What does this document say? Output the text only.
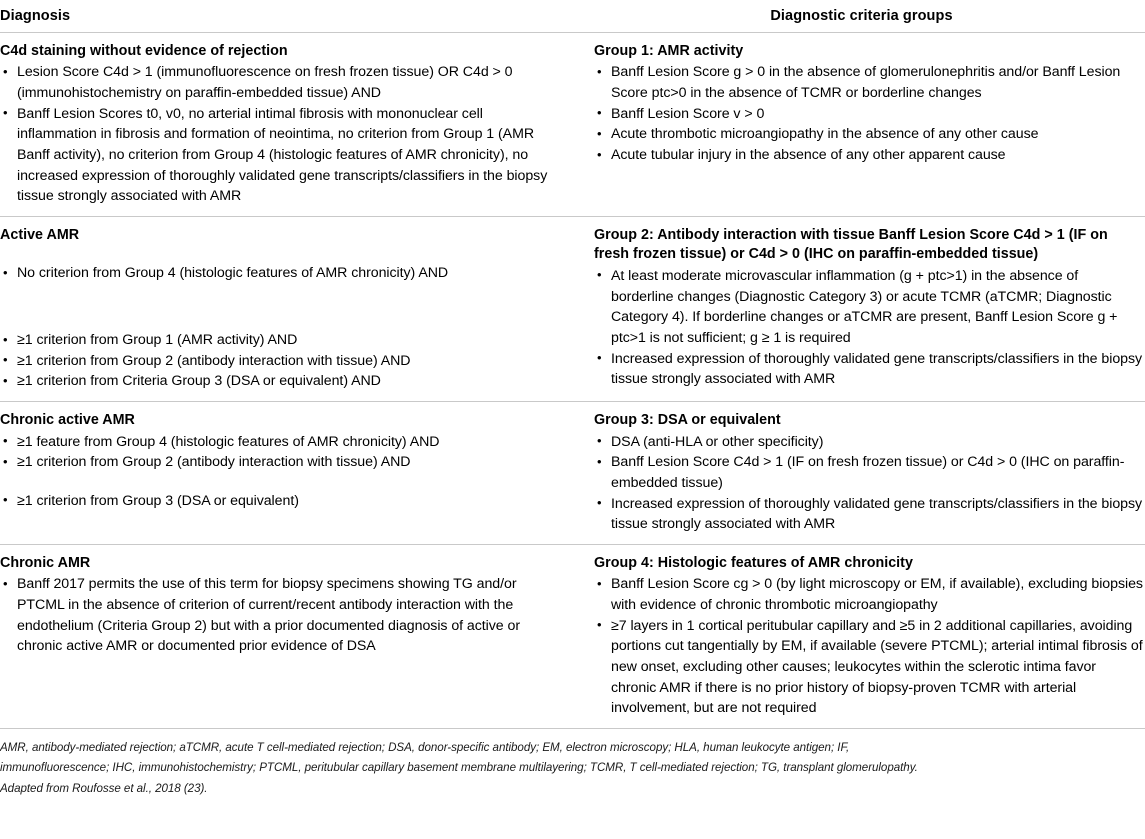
Diagnosis	Diagnostic criteria groups
C4d staining without evidence of rejection
• Lesion Score C4d > 1 (immunofluorescence on fresh frozen tissue) OR C4d > 0 (immunohistochemistry on paraffin-embedded tissue) AND
• Banff Lesion Scores t0, v0, no arterial intimal fibrosis with mononuclear cell inflammation in fibrosis and formation of neointima, no criterion from Group 1 (AMR Banff activity), no criterion from Group 4 (histologic features of AMR chronicity), no increased expression of thoroughly validated gene transcripts/classifiers in the biopsy tissue strongly associated with AMR
Group 1: AMR activity
• Banff Lesion Score g > 0 in the absence of glomerulonephritis and/or Banff Lesion Score ptc>0 in the absence of TCMR or borderline changes
• Banff Lesion Score v > 0
• Acute thrombotic microangiopathy in the absence of any other cause
• Acute tubular injury in the absence of any other apparent cause
Active AMR
• No criterion from Group 4 (histologic features of AMR chronicity) AND
• ≥1 criterion from Group 1 (AMR activity) AND
• ≥1 criterion from Group 2 (antibody interaction with tissue) AND
• ≥1 criterion from Criteria Group 3 (DSA or equivalent) AND
Group 2: Antibody interaction with tissue Banff Lesion Score C4d > 1 (IF on fresh frozen tissue) or C4d > 0 (IHC on paraffin-embedded tissue)
• At least moderate microvascular inflammation (g + ptc>1) in the absence of borderline changes (Diagnostic Category 3) or acute TCMR (aTCMR; Diagnostic Category 4). If borderline changes or aTCMR are present, Banff Lesion Score g + ptc>1 is not sufficient; g ≥ 1 is required
• Increased expression of thoroughly validated gene transcripts/classifiers in the biopsy tissue strongly associated with AMR
Chronic active AMR
• ≥1 feature from Group 4 (histologic features of AMR chronicity) AND
• ≥1 criterion from Group 2 (antibody interaction with tissue) AND
• ≥1 criterion from Group 3 (DSA or equivalent)
Group 3: DSA or equivalent
• DSA (anti-HLA or other specificity)
• Banff Lesion Score C4d > 1 (IF on fresh frozen tissue) or C4d > 0 (IHC on paraffin-embedded tissue)
• Increased expression of thoroughly validated gene transcripts/classifiers in the biopsy tissue strongly associated with AMR
Chronic AMR
• Banff 2017 permits the use of this term for biopsy specimens showing TG and/or PTCML in the absence of criterion of current/recent antibody interaction with the endothelium (Criteria Group 2) but with a prior documented diagnosis of active or chronic active AMR or documented prior evidence of DSA
Group 4: Histologic features of AMR chronicity
• Banff Lesion Score cg > 0 (by light microscopy or EM, if available), excluding biopsies with evidence of chronic thrombotic microangiopathy
• ≥7 layers in 1 cortical peritubular capillary and ≥5 in 2 additional capillaries, avoiding portions cut tangentially by EM, if available (severe PTCML); arterial intimal fibrosis of new onset, excluding other causes; leukocytes within the sclerotic intima favor chronic AMR if there is no prior history of biopsy-proven TCMR with arterial involvement, but are not required
AMR, antibody-mediated rejection; aTCMR, acute T cell-mediated rejection; DSA, donor-specific antibody; EM, electron microscopy; HLA, human leukocyte antigen; IF,
immunofluorescence; IHC, immunohistochemistry; PTCML, peritubular capillary basement membrane multilayering; TCMR, T cell-mediated rejection; TG, transplant glomerulopathy.
Adapted from Roufosse et al., 2018 (23).
